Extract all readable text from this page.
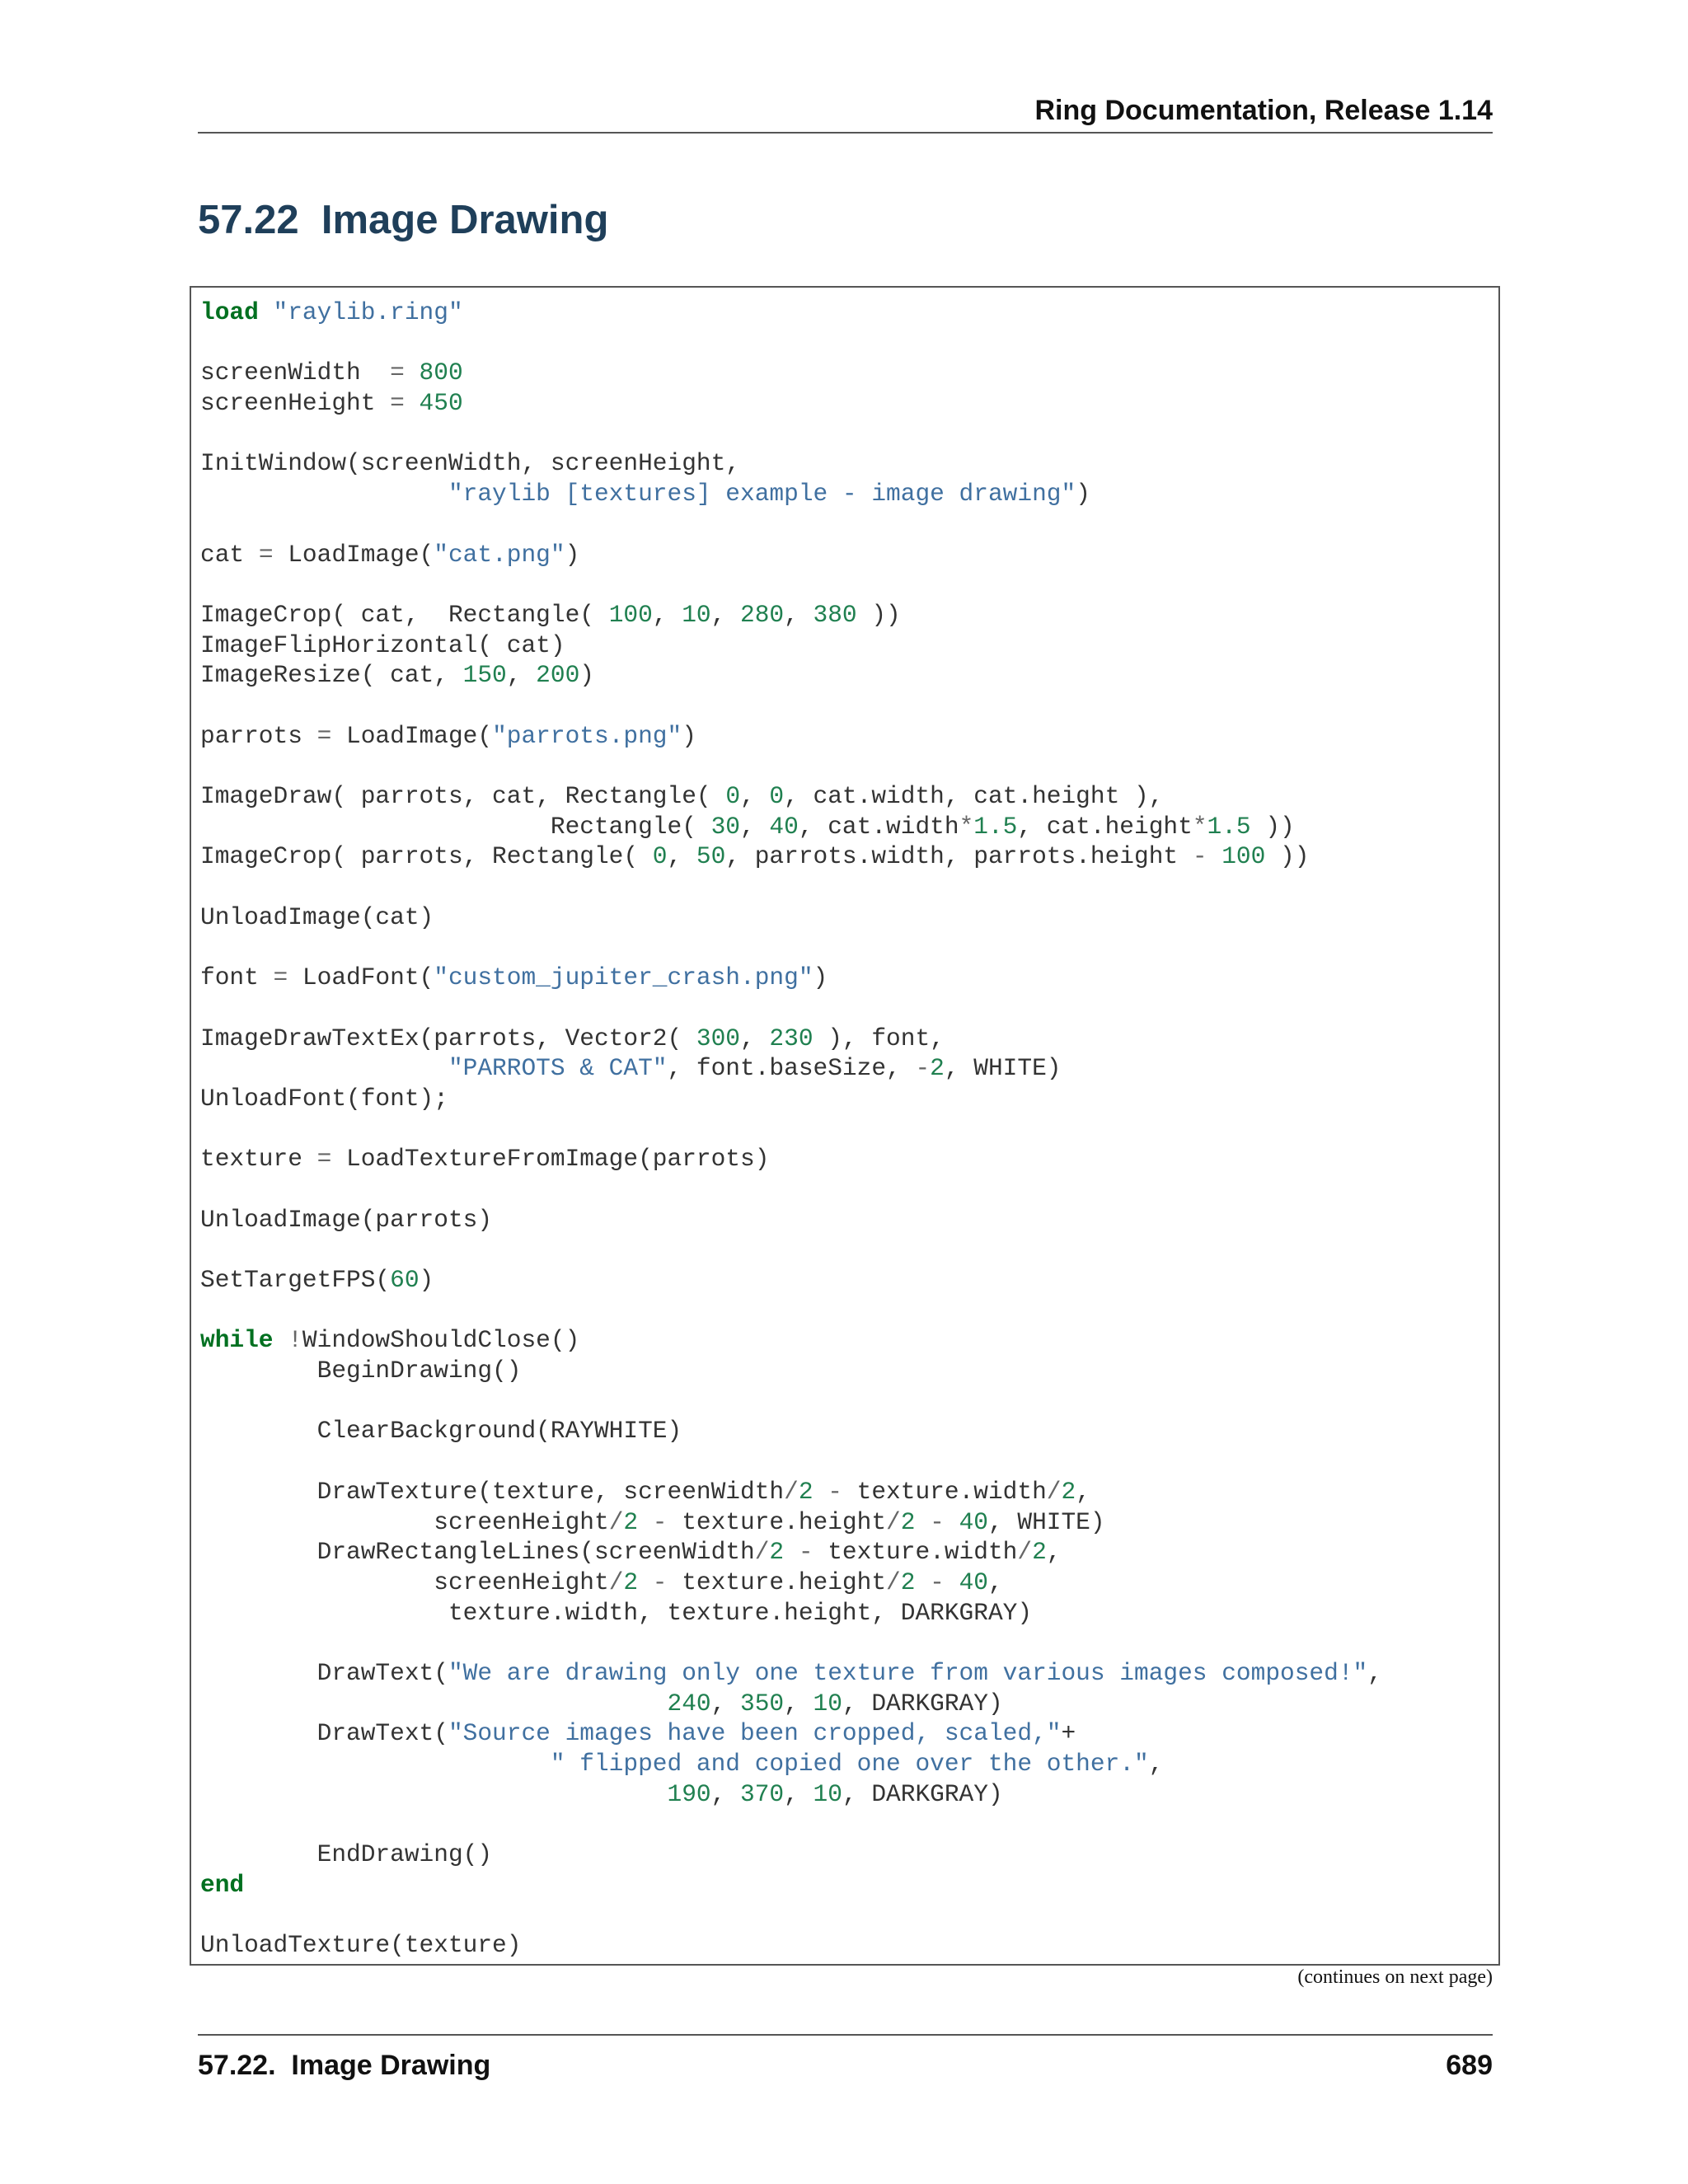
Ring Documentation, Release 1.14
57.22  Image Drawing
load "raylib.ring"
screenWidth  = 800
screenHeight = 450
InitWindow(screenWidth, screenHeight,
"raylib [textures] example - image drawing")
cat = LoadImage("cat.png")
ImageCrop( cat,  Rectangle( 100, 10, 280, 380 ))
ImageFlipHorizontal( cat)
ImageResize( cat, 150, 200)
parrots = LoadImage("parrots.png")
ImageDraw( parrots, cat, Rectangle( 0, 0, cat.width, cat.height ),
Rectangle( 30, 40, cat.width*1.5, cat.height*1.5 ))
ImageCrop( parrots, Rectangle( 0, 50, parrots.width, parrots.height - 100 ))
UnloadImage(cat)
font = LoadFont("custom_jupiter_crash.png")
ImageDrawTextEx(parrots, Vector2( 300, 230 ), font,
"PARROTS & CAT", font.baseSize, -2, WHITE)
UnloadFont(font);
texture = LoadTextureFromImage(parrots)
UnloadImage(parrots)
SetTargetFPS(60)
while !WindowShouldClose()
BeginDrawing()
ClearBackground(RAYWHITE)
DrawTexture(texture, screenWidth/2 - texture.width/2,
screenHeight/2 - texture.height/2 - 40, WHITE)
DrawRectangleLines(screenWidth/2 - texture.width/2,
screenHeight/2 - texture.height/2 - 40,
texture.width, texture.height, DARKGRAY)
DrawText("We are drawing only one texture from various images composed!",
240, 350, 10, DARKGRAY)
DrawText("Source images have been cropped, scaled,"+
" flipped and copied one over the other.",
190, 370, 10, DARKGRAY)
EndDrawing()
end
UnloadTexture(texture)
(continues on next page)
57.22.  Image Drawing	689
